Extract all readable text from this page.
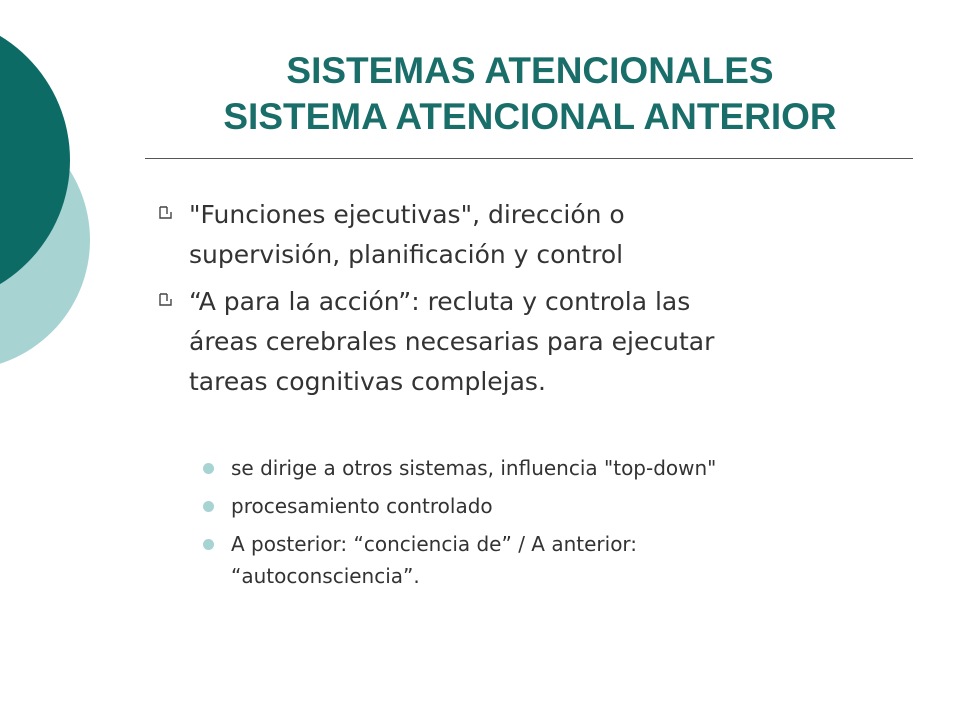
SISTEMAS ATENCIONALES
SISTEMA ATENCIONAL ANTERIOR
"Funciones ejecutivas", dirección o
supervisión, planificación y control
“A para la acción”: recluta y controla las
áreas cerebrales necesarias para ejecutar
tareas cognitivas complejas.
se dirige a otros sistemas, influencia "top-down"
procesamiento controlado
A posterior: “conciencia de” / A anterior:
“autoconsciencia”.
